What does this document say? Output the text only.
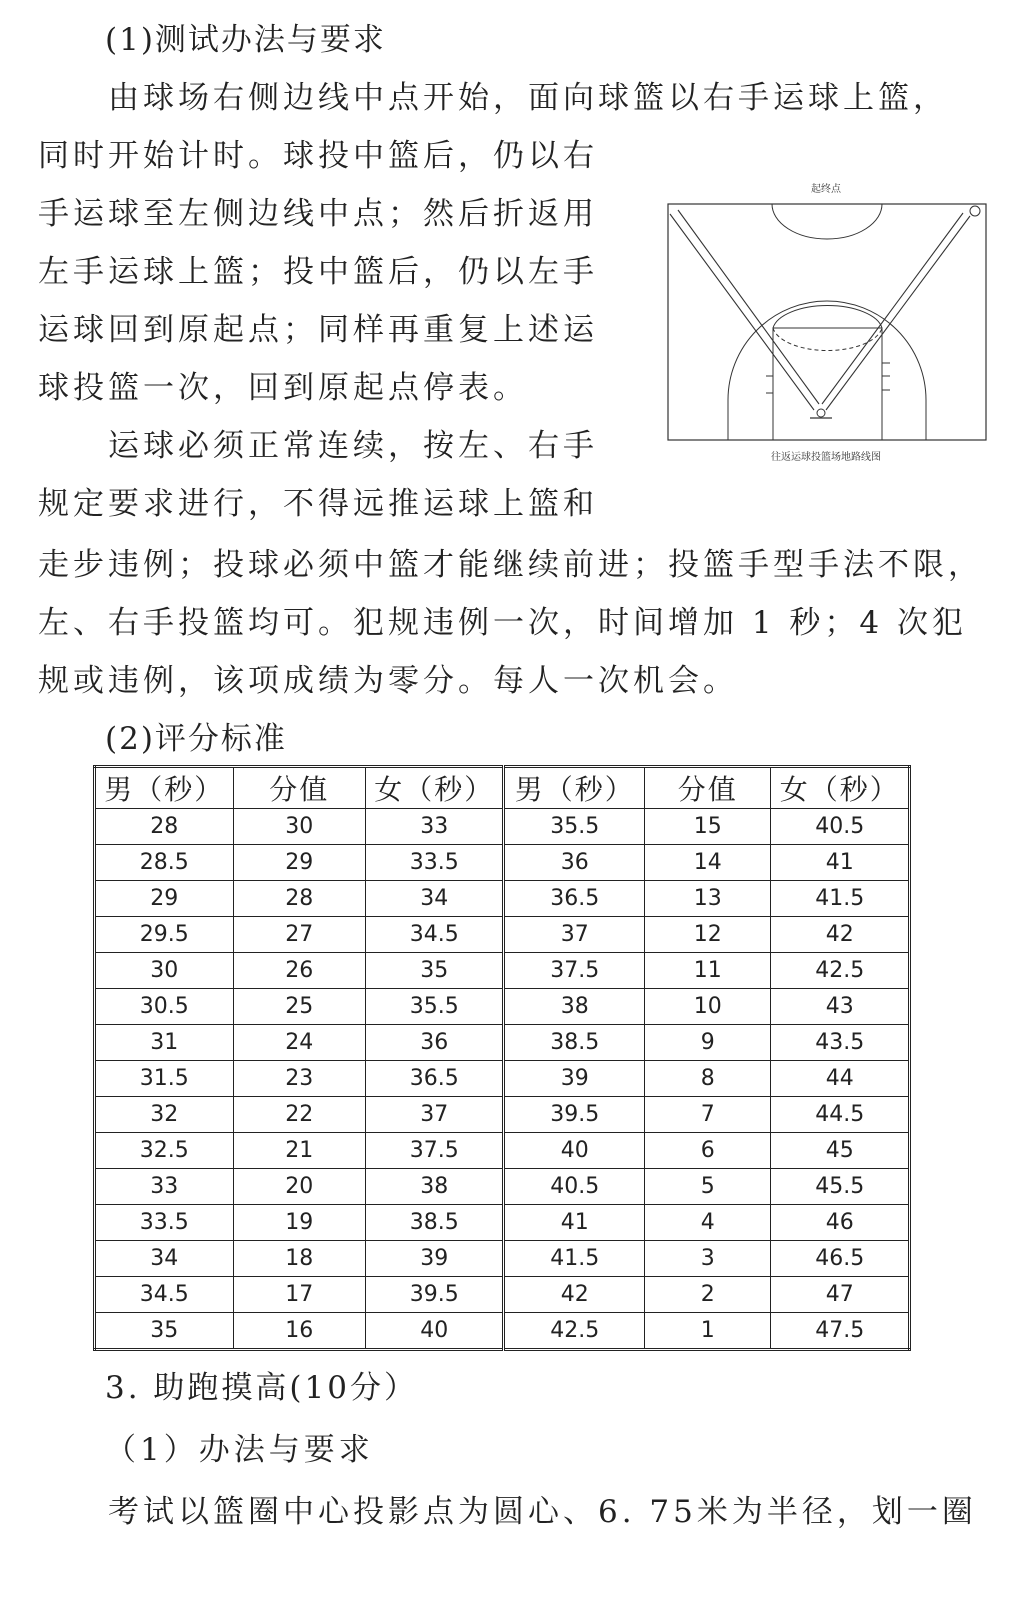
(1)测试办法与要求
由球场右侧边线中点开始，面向球篮以右手运球上篮，
同时开始计时。球投中篮后，仍以右
手运球至左侧边线中点；然后折返用
左手运球上篮；投中篮后，仍以左手
运球回到原起点；同样再重复上述运
球投篮一次，回到原起点停表。
运球必须正常连续，按左、右手
规定要求进行，不得远推运球上篮和
走步违例；投球必须中篮才能继续前进；投篮手型手法不限，
左、右手投篮均可。犯规违例一次，时间增加 1 秒；4 次犯
规或违例，该项成绩为零分。每人一次机会。
起终点
往返运球投篮场地路线图
(2)评分标准
男（秒）	分值	女（秒）	男（秒）	分值	女（秒）
28	30	33	35.5	15	40.5
28.5	29	33.5	36	14	41
29	28	34	36.5	13	41.5
29.5	27	34.5	37	12	42
30	26	35	37.5	11	42.5
30.5	25	35.5	38	10	43
31	24	36	38.5	9	43.5
31.5	23	36.5	39	8	44
32	22	37	39.5	7	44.5
32.5	21	37.5	40	6	45
33	20	38	40.5	5	45.5
33.5	19	38.5	41	4	46
34	18	39	41.5	3	46.5
34.5	17	39.5	42	2	47
35	16	40	42.5	1	47.5
3. 助跑摸高(10分）
（1）办法与要求
考试以篮圈中心投影点为圆心、6. 75米为半径，划一圈
